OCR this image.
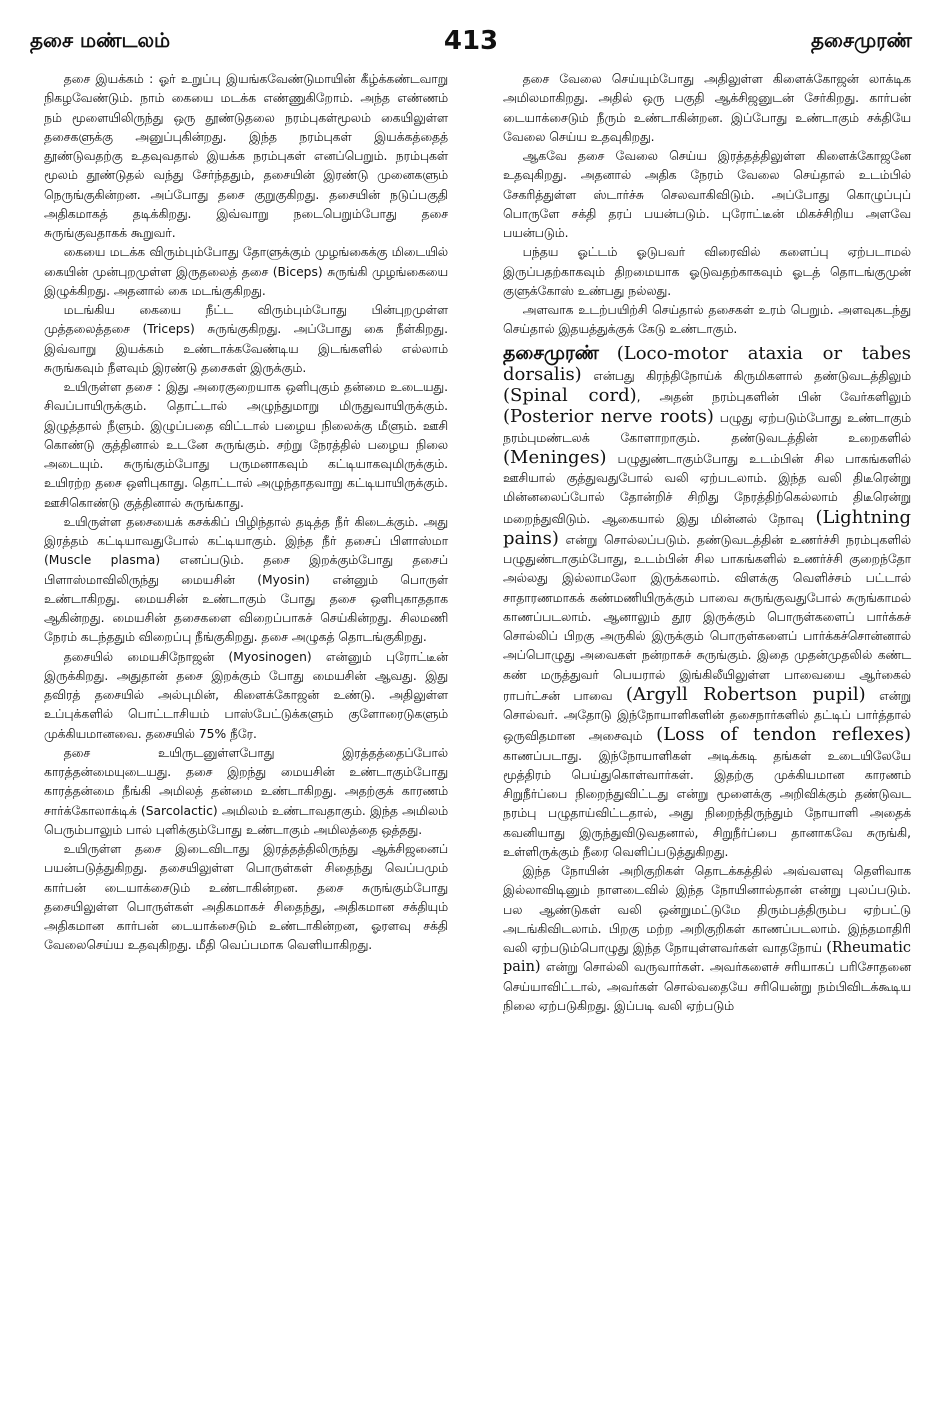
தசை மண்டலம்	413	தசைமுரண்

தசை இயக்கம் : ஓர் உறுப்பு இயங்கவேண்டுமாயின் கீழ்க்கண்டவாறு நிகழவேண்டும். நாம் கையை மடக்க எண்ணுகிறோம். அந்த எண்ணம் நம் மூளையிலிருந்து ஒரு தூண்டுதலை நரம்புகள்மூலம் கையிலுள்ள தசைகளுக்கு அனுப்புகின்றது. இந்த நரம்புகள் இயக்கத்தைத் தூண்டுவதற்கு உதவுவதால் இயக்க நரம்புகள் எனப்பெறும். நரம்புகள் மூலம் தூண்டுதல் வந்து சேர்ந்ததும், தசையின் இரண்டு முனைகளும் நெருங்குகின்றன. அப்போது தசை குறுகுகிறது. தசையின் நடுப்பகுதி அதிகமாகத் தடிக்கிறது. இவ்வாறு நடைபெறும்போது தசை சுருங்குவதாகக் கூறுவர்.

கையை மடக்க விரும்பும்போது தோளுக்கும் முழங்கைக்கு மிடையில் கையின் முன்புறமுள்ள இருதலைத் தசை (Biceps) சுருங்கி முழங்கையை இழுக்கிறது. அதனால் கை மடங்குகிறது.

மடங்கிய கையை நீட்ட விரும்பும்போது பின்புறமுள்ள முத்தலைத்தசை (Triceps) சுருங்குகிறது. அப்போது கை நீள்கிறது. இவ்வாறு இயக்கம் உண்டாக்கவேண்டிய இடங்களில் எல்லாம் சுருங்கவும் நீளவும் இரண்டு தசைகள் இருக்கும்.

உயிருள்ள தசை : இது அரைகுறையாக ஒளிபுகும் தன்மை உடையது. சிவப்பாயிருக்கும். தொட்டால் அழுந்துமாறு மிருதுவாயிருக்கும். இழுத்தால் நீளும். இழுப்பதை விட்டால் பழைய நிலைக்கு மீளும். ஊசி கொண்டு குத்தினால் உடனே சுருங்கும். சற்று நேரத்தில் பழைய நிலை அடையும். சுருங்கும்போது பருமனாகவும் கட்டியாகவுமிருக்கும். உயிரற்ற தசை ஒளிபுகாது. தொட்டால் அழுந்தாதவாறு கட்டியாயிருக்கும். ஊசிகொண்டு குத்தினால் சுருங்காது.

உயிருள்ள தசையைக் கசக்கிப் பிழிந்தால் தடித்த நீர் கிடைக்கும். அது இரத்தம் கட்டியாவதுபோல் கட்டியாகும். இந்த நீர் தசைப் பிளாஸ்மா (Muscle plasma) எனப்படும். தசை இறக்கும்போது தசைப் பிளாஸ்மாவிலிருந்து மையசின் (Myosin) என்னும் பொருள் உண்டாகிறது. மையசின் உண்டாகும் போது தசை ஒளிபுகாததாக ஆகின்றது. மையசின் தசைகளை விறைப்பாகச் செய்கின்றது. சிலமணி நேரம் கடந்ததும் விறைப்பு நீங்குகிறது. தசை அழுகத் தொடங்குகிறது.

தசையில் மையசிநோஜன் (Myosinogen) என்னும் புரோட்டீன் இருக்கிறது. அதுதான் தசை இறக்கும் போது மையசின் ஆவது. இது தவிரத் தசையில் அல்புமின், கிளைக்கோஜன் உண்டு. அதிலுள்ள உப்புக்களில் பொட்டாசியம் பாஸ்பேட்டுக்களும் குளோரைடுகளும் முக்கியமானவை. தசையில் 75% நீரே.

தசை உயிருடனுள்ளபோது இரத்தத்தைப்போல் காரத்தன்மையுடையது. தசை இறந்து மையசின் உண்டாகும்போது காரத்தன்மை நீங்கி அமிலத் தன்மை உண்டாகிறது. அதற்குக் காரணம் சார்க்கோலாக்டிக் (Sarcolactic) அமிலம் உண்டாவதாகும். இந்த அமிலம் பெரும்பாலும் பால் புளிக்கும்போது உண்டாகும் அமிலத்தை ஒத்தது.

உயிருள்ள தசை இடைவிடாது இரத்தத்திலிருந்து ஆக்சிஜனைப் பயன்படுத்துகிறது. தசையிலுள்ள பொருள்கள் சிதைந்து வெப்பமும் கார்பன் டையாக்சைடும் உண்டாகின்றன. தசை சுருங்கும்போது தசையிலுள்ள பொருள்கள் அதிகமாகச் சிதைந்து, அதிகமான சக்தியும் அதிகமான கார்பன் டையாக்சைடும் உண்டாகின்றன, ஓரளவு சக்தி வேலைசெய்ய உதவுகிறது. மீதி வெப்பமாக வெளியாகிறது.

தசை வேலை செய்யும்போது அதிலுள்ள கிளைக்கோஜன் லாக்டிக அமிலமாகிறது. அதில் ஒரு பகுதி ஆக்சிஜனுடன் சேர்கிறது. கார்பன் டையாக்சைடும் நீரும் உண்டாகின்றன. இப்போது உண்டாகும் சக்தியே வேலை செய்ய உதவுகிறது.

ஆகவே தசை வேலை செய்ய இரத்தத்திலுள்ள கிளைக்கோஜனே உதவுகிறது. அதனால் அதிக நேரம் வேலை செய்தால் உடம்பில் சேகரித்துள்ள ஸ்டார்ச்சு செலவாகிவிடும். அப்போது கொழுப்புப் பொருளே சக்தி தரப் பயன்படும். புரோட்டீன் மிகச்சிறிய அளவே பயன்படும்.

பந்தய ஓட்டம் ஓடுபவர் விரைவில் களைப்பு ஏற்படாமல் இருப்பதற்காகவும் திறமையாக ஓடுவதற்காகவும் ஓடத் தொடங்குமுன் குளுக்கோஸ் உண்பது நல்லது.

அளவாக உடற்பயிற்சி செய்தால் தசைகள் உரம் பெறும். அளவுகடந்து செய்தால் இதயத்துக்குக் கேடு உண்டாகும்.

தசைமுரண் (Loco-motor ataxia or tabes dorsalis) என்பது கிரந்திநோய்க் கிருமிகளால் தண்டுவடத்திலும் (Spinal cord), அதன் நரம்புகளின் பின் வேர்களிலும் (Posterior nerve roots) பழுது ஏற்படும்போது உண்டாகும் நரம்புமண்டலக் கோளாறாகும். தண்டுவடத்தின் உறைகளில் (Meninges) பழுதுண்டாகும்போது உடம்பின் சில பாகங்களில் ஊசியால் குத்துவதுபோல் வலி ஏற்படலாம். இந்த வலி திடீரென்று மின்னலைப்போல் தோன்றிச் சிறிது நேரத்திற்கெல்லாம் திடீரென்று மறைந்துவிடும். ஆகையால் இது மின்னல் நோவு (Lightning pains) என்று சொல்லப்படும். தண்டுவடத்தின் உணர்ச்சி நரம்புகளில் பழுதுண்டாகும்போது, உடம்பின் சில பாகங்களில் உணர்ச்சி குறைந்தோ அல்லது இல்லாமலோ இருக்கலாம். விளக்கு வெளிச்சம் பட்டால் சாதாரணமாகக் கண்மணியிருக்கும் பாவை சுருங்குவதுபோல் சுருங்காமல் காணப்படலாம். ஆனாலும் தூர இருக்கும் பொருள்களைப் பார்க்கச் சொல்லிப் பிறகு அருகில் இருக்கும் பொருள்களைப் பார்க்கச்சொன்னால் அப்பொழுது அவைகள் நன்றாகச் சுருங்கும். இதை முதன்முதலில் கண்ட கண் மருத்துவர் பெயரால் இங்கிலீயிலுள்ள பாவையை ஆர்கைல் ராபர்ட்சன் பாவை (Argyll Robertson pupil) என்று சொல்வர். அதோடு இந்நோயாளிகளின் தசைநார்களில் தட்டிப் பார்த்தால் ஒருவிதமான அசைவும் (Loss of tendon reflexes) காணப்படாது. இந்நோயாளிகள் அடிக்கடி தங்கள் உடையிலேயே மூத்திரம் பெய்துகொள்வார்கள். இதற்கு முக்கியமான காரணம் சிறுநீர்ப்பை நிறைந்துவிட்டது என்று மூளைக்கு அறிவிக்கும் தண்டுவட நரம்பு பழுதாய்விட்டதால், அது நிறைந்திருந்தும் நோயாளி அதைக் கவனியாது இருந்துவிடுவதனால், சிறுநீர்ப்பை தானாகவே சுருங்கி, உள்ளிருக்கும் நீரை வெளிப்படுத்துகிறது.

இந்த நோயின் அறிகுறிகள் தொடக்கத்தில் அவ்வளவு தெளிவாக இல்லாவிடினும் நாளடைவில் இந்த நோயினால்தான் என்று புலப்படும். பல ஆண்டுகள் வலி ஒன்றுமட்டுமே திரும்பத்திரும்ப ஏற்பட்டு அடங்கிவிடலாம். பிறகு மற்ற அறிகுறிகள் காணப்படலாம். இந்தமாதிரி வலி ஏற்படும்பொழுது இந்த நோயுள்ளவர்கள் வாதநோய் (Rheumatic pain) என்று சொல்லி வருவார்கள். அவர்களைச் சரியாகப் பரிசோதனை செய்யாவிட்டால், அவர்கள் சொல்வதையே சரியென்று நம்பிவிடக்கூடிய நிலை ஏற்படுகிறது. இப்படி வலி ஏற்படும்
